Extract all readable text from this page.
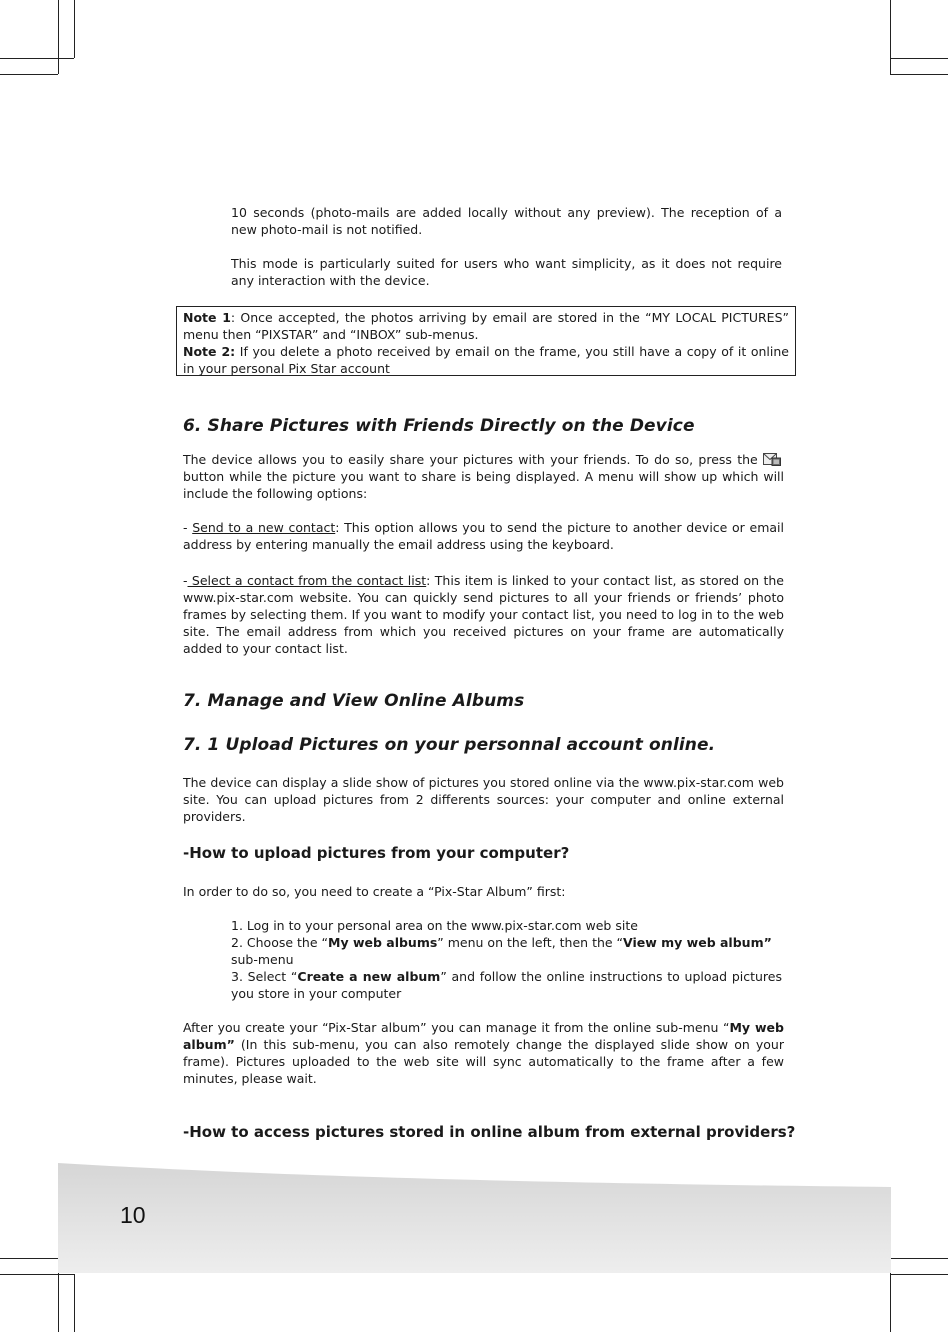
10 seconds (photo-mails are added locally without any preview). The reception of a new photo-mail is not notified.

This mode is particularly suited for users who want simplicity, as it does not require any interaction with the device.

Note 1: Once accepted, the photos arriving by email are stored in the “MY LOCAL PICTURES” menu then “PIXSTAR” and “INBOX” sub-menus.
Note 2: If you delete a photo received by email on the frame, you still have a copy of it online in your personal Pix Star account
6. Share Pictures with Friends Directly on the Device

The device allows you to easily share your pictures with your friends. To do so, press the button while the picture you want to share is being displayed. A menu will show up which will include the following options:

- Send to a new contact: This option allows you to send the picture to another device or email address by entering manually the email address using the keyboard.

- Select a contact from the contact list: This item is linked to your contact list, as stored on the www.pix-star.com website. You can quickly send pictures to all your friends or friends’ photo frames by selecting them. If you want to modify your contact list, you need to log in to the web site. The email address from which you received pictures on your frame are automatically added to your contact list.

7. Manage and View Online Albums
7. 1 Upload Pictures on your personnal account online.

The device can display a slide show of pictures you stored online via the www.pix-star.com web site. You can upload pictures from 2 differents sources: your computer and online external providers.

-How to upload pictures from your computer?

In order to do so, you need to create a “Pix-Star Album” first:

1. Log in to your personal area on the www.pix-star.com web site

2. Choose the “My web albums” menu on the left, then the “View my web album”
sub-menu

3. Select “Create a new album” and follow the online instructions to upload pictures you store in your computer

After you create your “Pix-Star album” you can manage it from the online sub-menu “My web album” (In this sub-menu, you can also remotely change the displayed slide show on your frame). Pictures uploaded to the web site will sync automatically to the frame after a few minutes, please wait.

-How to access pictures stored in online album from external providers?
10
